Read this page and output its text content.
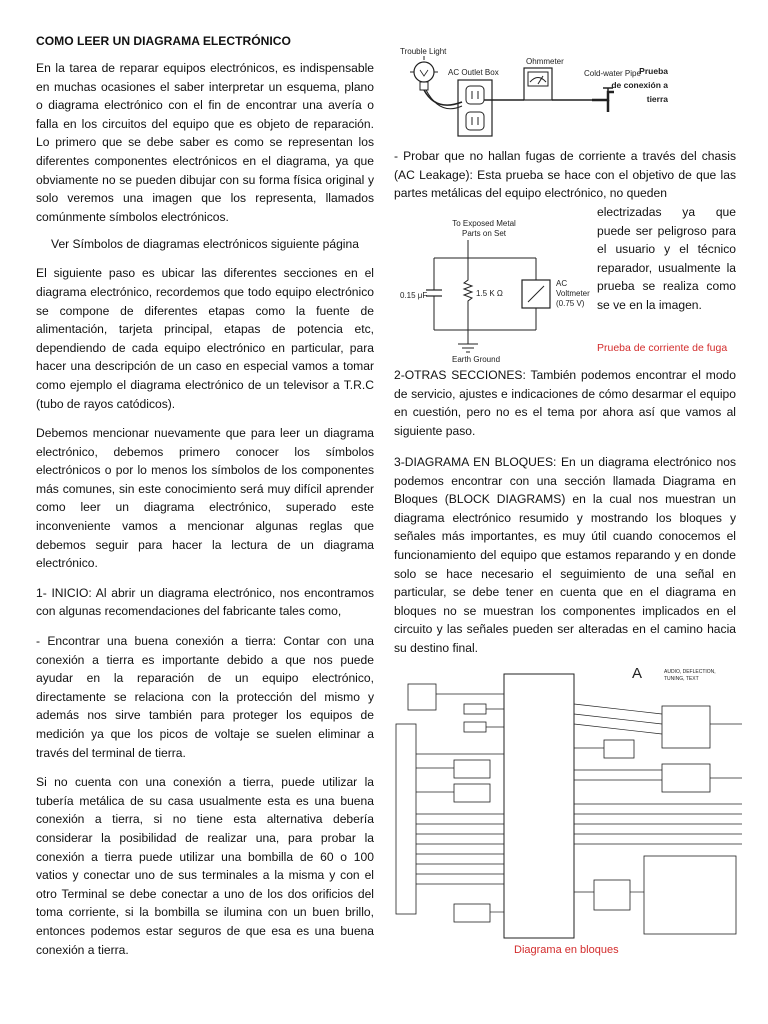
COMO LEER UN DIAGRAMA ELECTRÓNICO

En la tarea de reparar equipos electrónicos, es indispensable en muchas ocasiones el saber interpretar un esquema, plano o diagrama electrónico con el fin de encontrar una avería o falla en los circuitos del equipo que es objeto de reparación. Lo primero que se debe saber es como se representan los diferentes componentes electrónicos en el diagrama, ya que obviamente no se pueden dibujar con su forma física original y solo veremos una imagen que los representa, llamados comúnmente símbolos electrónicos.

Ver Símbolos de diagramas electrónicos siguiente página

El siguiente paso es ubicar las diferentes secciones en el diagrama electrónico, recordemos que todo equipo electrónico se compone de diferentes etapas como la fuente de alimentación, tarjeta principal, etapas de potencia etc, dependiendo de cada equipo electrónico en particular, para hacer una descripción de un caso en especial vamos a tomar como ejemplo el diagrama electrónico de un televisor a T.R.C (tubo de rayos catódicos).

Debemos mencionar nuevamente que para leer un diagrama electrónico, debemos primero conocer los símbolos electrónicos o por lo menos los símbolos de los componentes más comunes, sin este conocimiento será muy difícil aprender como leer un diagrama electrónico, superado este inconveniente vamos a mencionar algunas reglas que debemos seguir para hacer la lectura de un diagrama electrónico.

1- INICIO: Al abrir un diagrama electrónico, nos encontramos con algunas recomendaciones del fabricante tales como,

- Encontrar una buena conexión a tierra: Contar con una conexión a tierra es importante debido a que nos puede ayudar en la reparación de un equipo electrónico, directamente se relaciona con la protección del mismo y además nos sirve también para proteger los equipos de medición ya que los picos de voltaje se suelen eliminar a través del terminal de tierra.

Si no cuenta con una conexión a tierra, puede utilizar la tubería metálica de su casa usualmente esta es una buena conexión a tierra, si no tiene esta alternativa debería considerar la posibilidad de realizar una, para probar la conexión a tierra puede utilizar una bombilla de 60 o 100 vatios y conectar uno de sus terminales a la misma y con el otro Terminal se debe conectar a uno de los dos orificios del toma corriente, si la bombilla se ilumina con un buen brillo, entonces podemos estar seguros de que esa es una buena conexión a tierra.

Trouble Light
AC Outlet Box
Ohmmeter
Cold-water Pipe
Prueba
de conexión a
tierra

- Probar que no hallan fugas de corriente a través del chasis (AC Leakage): Esta prueba se hace con el objetivo de que las partes metálicas del equipo electrónico, no queden

To Exposed Metal
Parts on Set
0.15 μF	1.5 K Ω
AC
Voltmeter
(0.75 V)
Earth Ground

electrizadas ya que puede ser peligroso para el usuario y el técnico reparador, usualmente la prueba se realiza como se ve en la imagen.

Prueba de corriente de fuga

2-OTRAS SECCIONES: También podemos encontrar el modo de servicio, ajustes e indicaciones de cómo desarmar el equipo en cuestión, pero no es el tema por ahora así que vamos al siguiente paso.

3-DIAGRAMA EN BLOQUES: En un diagrama electrónico nos podemos encontrar con una sección llamada Diagrama en Bloques (BLOCK DIAGRAMS) en la cual nos muestran un diagrama electrónico resumido y mostrando los bloques y señales más importantes, es muy útil cuando conocemos el funcionamiento del equipo que estamos reparando y en donde solo se hace necesario el seguimiento de una señal en particular, se debe tener en cuenta que en el diagrama en bloques no se muestran los componentes implicados en el circuito y las señales pueden ser alteradas en el camino hacia su destino final.

A	AUDIO, DEFLECTION,
TUNING, TEXT
Diagrama en bloques
